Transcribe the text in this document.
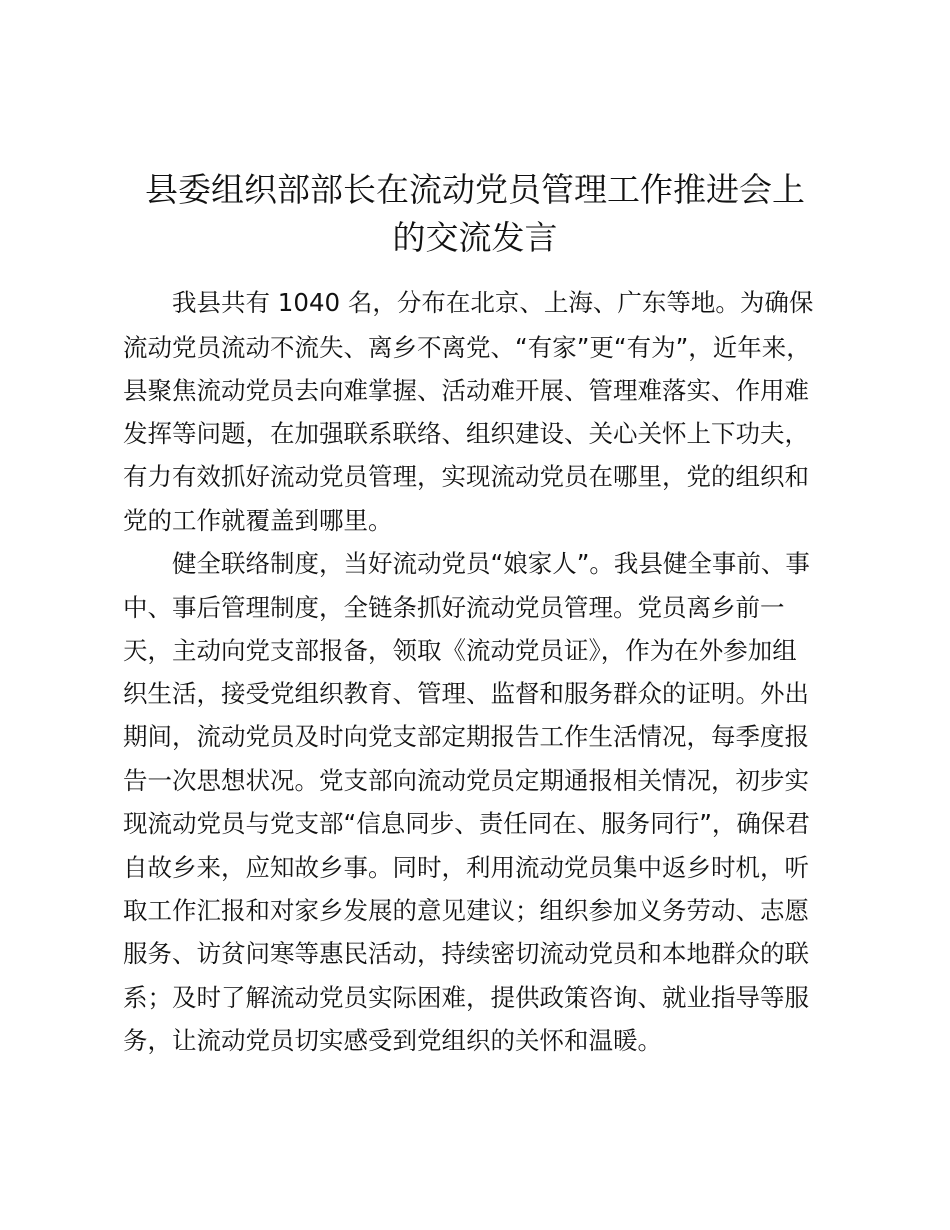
县委组织部部长在流动党员管理工作推进会上
的交流发言

我县共有 1040 名，分布在北京、上海、广东等地。为确保

流动党员流动不流失、离乡不离党、“有家”更“有为”，近年来，

县聚焦流动党员去向难掌握、活动难开展、管理难落实、作用难

发挥等问题，在加强联系联络、组织建设、关心关怀上下功夫，

有力有效抓好流动党员管理，实现流动党员在哪里，党的组织和

党的工作就覆盖到哪里。

健全联络制度，当好流动党员“娘家人”。我县健全事前、事

中、事后管理制度，全链条抓好流动党员管理。党员离乡前一

天，主动向党支部报备，领取《流动党员证》，作为在外参加组

织生活，接受党组织教育、管理、监督和服务群众的证明。外出

期间，流动党员及时向党支部定期报告工作生活情况，每季度报

告一次思想状况。党支部向流动党员定期通报相关情况，初步实

现流动党员与党支部“信息同步、责任同在、服务同行”，确保君

自故乡来，应知故乡事。同时，利用流动党员集中返乡时机，听

取工作汇报和对家乡发展的意见建议；组织参加义务劳动、志愿

服务、访贫问寒等惠民活动，持续密切流动党员和本地群众的联

系；及时了解流动党员实际困难，提供政策咨询、就业指导等服

务，让流动党员切实感受到党组织的关怀和温暖。
